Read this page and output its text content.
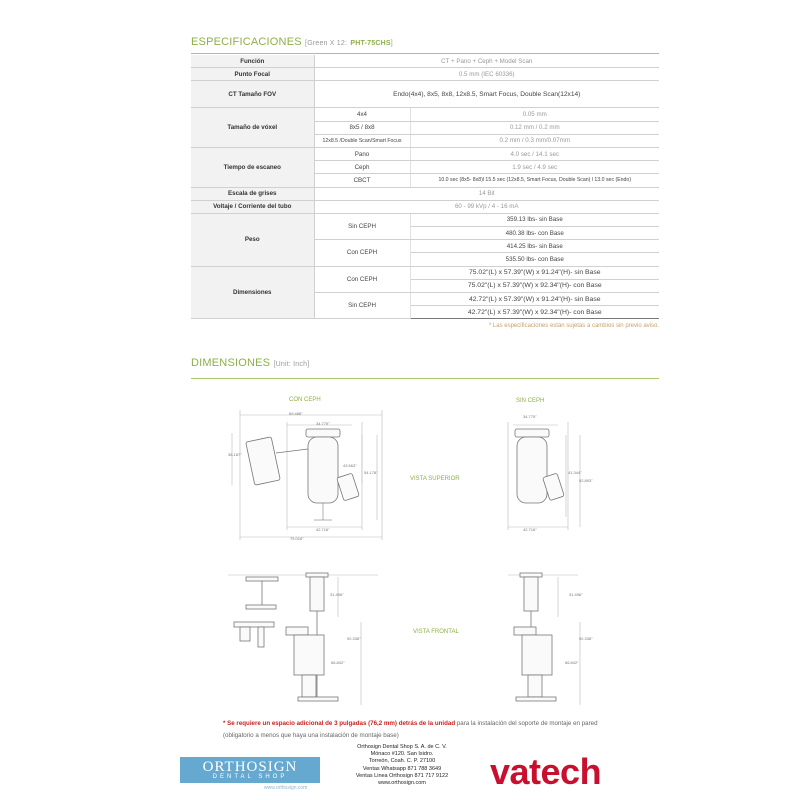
ESPECIFICACIONES [Green X 12: PHT-75CHS]
Función	CT + Pano + Ceph + Model Scan	
Punto Focal	0.5 mm (IEC 60336)	
CT Tamaño FOV	Endo(4x4), 8x5, 8x8, 12x8.5, Smart Focus, Double Scan(12x14)	
Tamaño de vóxel	4x4	0.05 mm
	8x5 / 8x8	0.12 mm / 0.2 mm
	12x8.5 /Double Scan/Smart Focus	0.2 mm / 0.3 mm/0.07mm
Tiempo de escaneo	Pano	4.0 sec / 14.1 sec
	Ceph	1.9 sec / 4.9 sec
	CBCT	10.0 sec (8x5- 8x8)l 15.5 sec (12x8.5, Smart Focus, Double Scan) l 13.0 sec (Endo)
Escala de grises	14 Bit	
Voltaje / Corriente del tubo	60 - 99 kVp / 4 - 16 mA	
Peso	Sin CEPH	359.13 lbs- sin Base
		480.38 lbs- con Base
	Con CEPH	414.25 lbs- sin Base
		535.50 lbs- con Base
Dimensiones	Con CEPH	75.02"(L) x 57.39"(W) x 91.24"(H)- sin Base
		75.02"(L) x 57.39"(W) x 92.34"(H)- con Base
	Sin CEPH	42.72"(L) x 57.39"(W) x 91.24"(H)- sin Base
		42.72"(L) x 57.39"(W) x 92.34"(H)- con Base
* Las especificaciones están sujetas a cambios sin previo aviso.
DIMENSIONES [Unit: Inch]
CON CEPH	SIN CEPH
VISTA SUPERIOR
VISTA FRONTAL
69.488"
34.775"
38.187"
43.563"
54.178"
42.716"
75.016"
34.775"
41.344"
52.893"
42.716"
31.496"
92.338"
66.842"
31.496"
92.338"
66.842"
* Se requiere un espacio adicional de 3 pulgadas (76,2 mm) detrás de la unidad para la instalación del soporte de montaje en pared
(obligatorio a menos que haya una instalación de montaje base)
ORTHOSIGN
DENTAL SHOP
www.orthosign.com
Orthosign Dental Shop S. A. de C. V.
Mónaco #120. San Isidro.
Torreón, Coah. C. P. 27100
Ventas Whatsapp 871 788 3649
Ventas Linea Orthosign 871 717 9122
www.orthosign.com	vatech
